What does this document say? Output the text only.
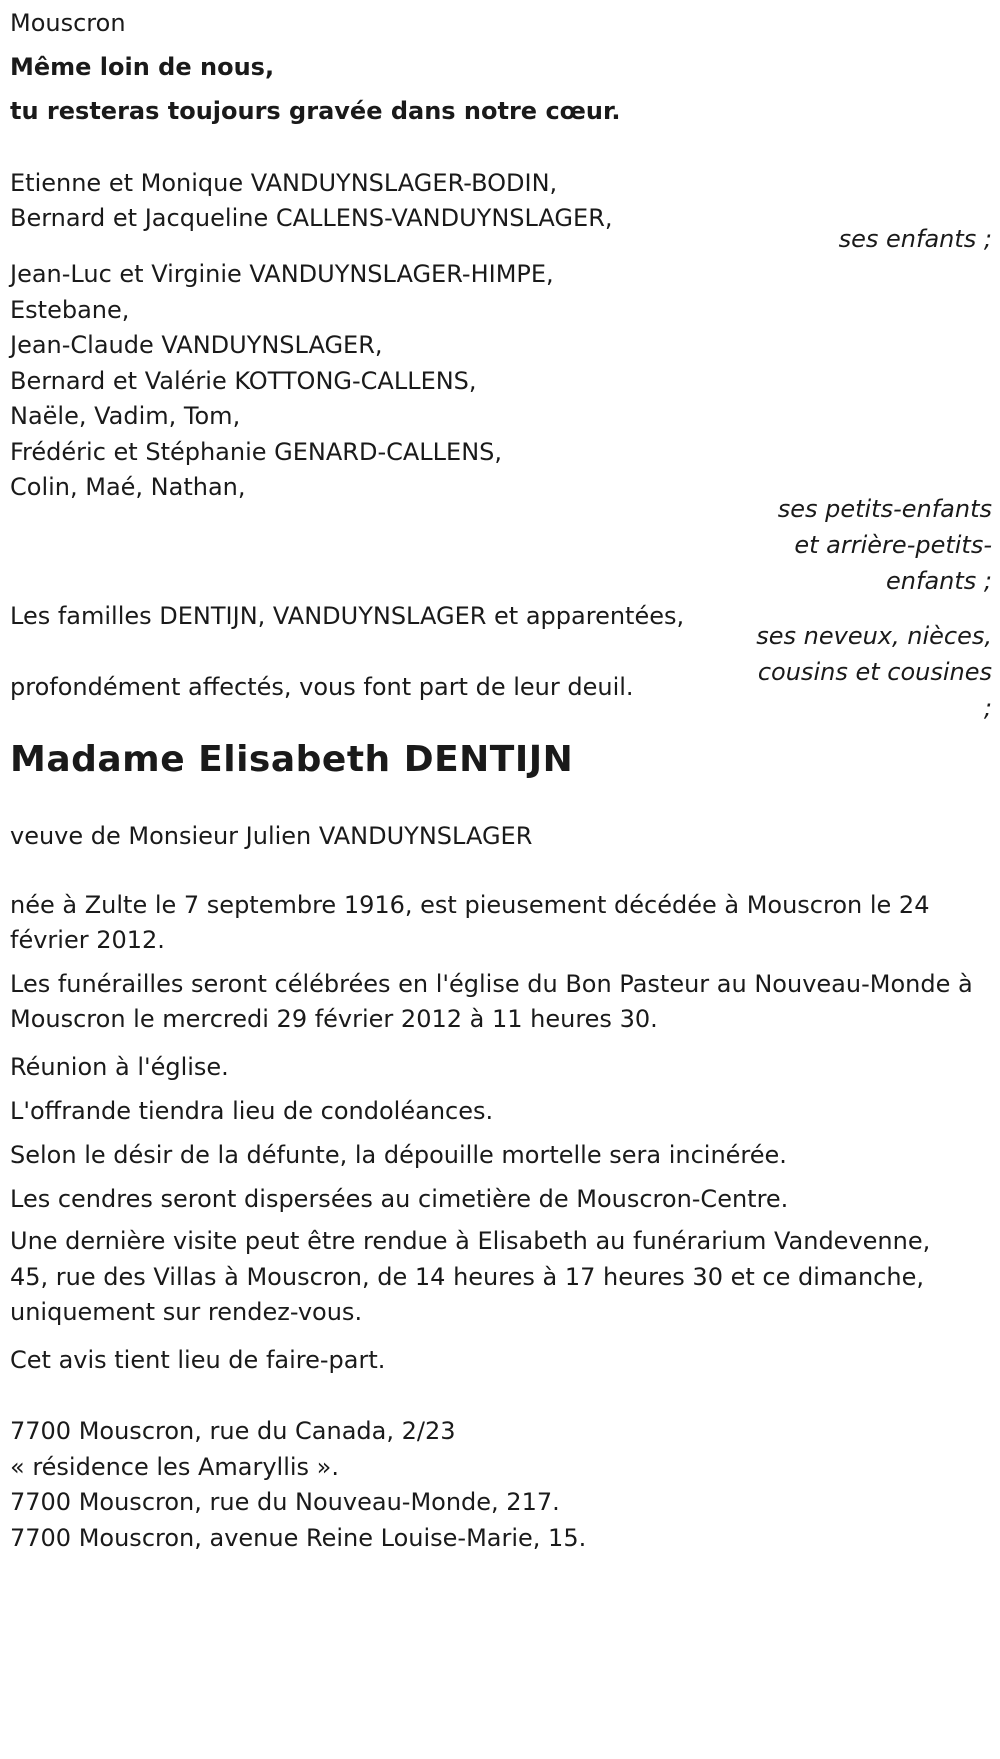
Mouscron

Même loin de nous,

tu resteras toujours gravée dans notre cœur.

Etienne et Monique VANDUYNSLAGER-BODIN,

Bernard et Jacqueline CALLENS-VANDUYNSLAGER,

ses enfants ;

Jean-Luc et Virginie VANDUYNSLAGER-HIMPE,

Estebane,

Jean-Claude VANDUYNSLAGER,

Bernard et Valérie KOTTONG-CALLENS,

Naële, Vadim, Tom,

Frédéric et Stéphanie GENARD-CALLENS,

Colin, Maé, Nathan,

ses petits-enfants

et arrière-petits-

enfants ;

Les familles DENTIJN, VANDUYNSLAGER et apparentées,

ses neveux, nièces,

cousins et cousines

profondément affectés, vous font part de leur deuil.

;

Madame Elisabeth DENTIJN

veuve de Monsieur Julien VANDUYNSLAGER

née à Zulte le 7 septembre 1916, est pieusement décédée à Mouscron le 24 février 2012.

Les funérailles seront célébrées en l'église du Bon Pasteur au Nouveau-Monde à Mouscron le mercredi 29 février 2012 à 11 heures 30.

Réunion à l'église.

L'offrande tiendra lieu de condoléances.

Selon le désir de la défunte, la dépouille mortelle sera incinérée.

Les cendres seront dispersées au cimetière de Mouscron-Centre.

Une dernière visite peut être rendue à Elisabeth au funérarium Vandevenne, 45, rue des Villas à Mouscron, de 14 heures à 17 heures 30 et ce dimanche, uniquement sur rendez-vous.

Cet avis tient lieu de faire-part.

7700 Mouscron, rue du Canada, 2/23

« résidence les Amaryllis ».

7700 Mouscron, rue du Nouveau-Monde, 217.

7700 Mouscron, avenue Reine Louise-Marie, 15.
